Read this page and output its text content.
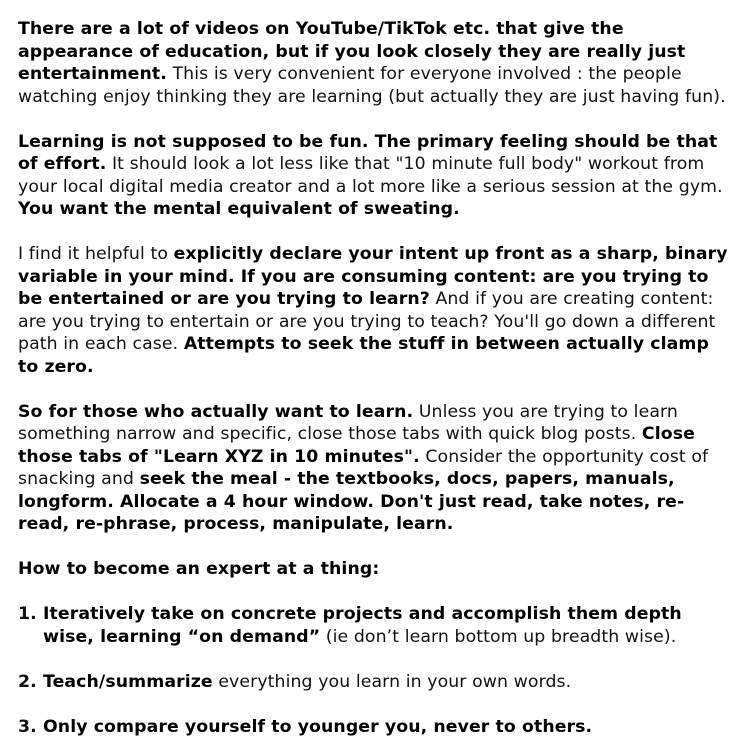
There are a lot of videos on YouTube/TikTok etc. that give the appearance of education, but if you look closely they are really just entertainment. This is very convenient for everyone involved : the people watching enjoy thinking they are learning (but actually they are just having fun).

Learning is not supposed to be fun. The primary feeling should be that of effort. It should look a lot less like that "10 minute full body" workout from your local digital media creator and a lot more like a serious session at the gym. You want the mental equivalent of sweating.

I find it helpful to explicitly declare your intent up front as a sharp, binary variable in your mind. If you are consuming content: are you trying to be entertained or are you trying to learn? And if you are creating content: are you trying to entertain or are you trying to teach? You'll go down a different path in each case. Attempts to seek the stuff in between actually clamp to zero.

So for those who actually want to learn. Unless you are trying to learn something narrow and specific, close those tabs with quick blog posts. Close those tabs of "Learn XYZ in 10 minutes". Consider the opportunity cost of snacking and seek the meal - the textbooks, docs, papers, manuals, longform. Allocate a 4 hour window. Don't just read, take notes, re-read, re-phrase, process, manipulate, learn.

How to become an expert at a thing:

1. Iteratively take on concrete projects and accomplish them depth wise, learning “on demand” (ie don’t learn bottom up breadth wise).
2. Teach/summarize everything you learn in your own words.
3. Only compare yourself to younger you, never to others.
